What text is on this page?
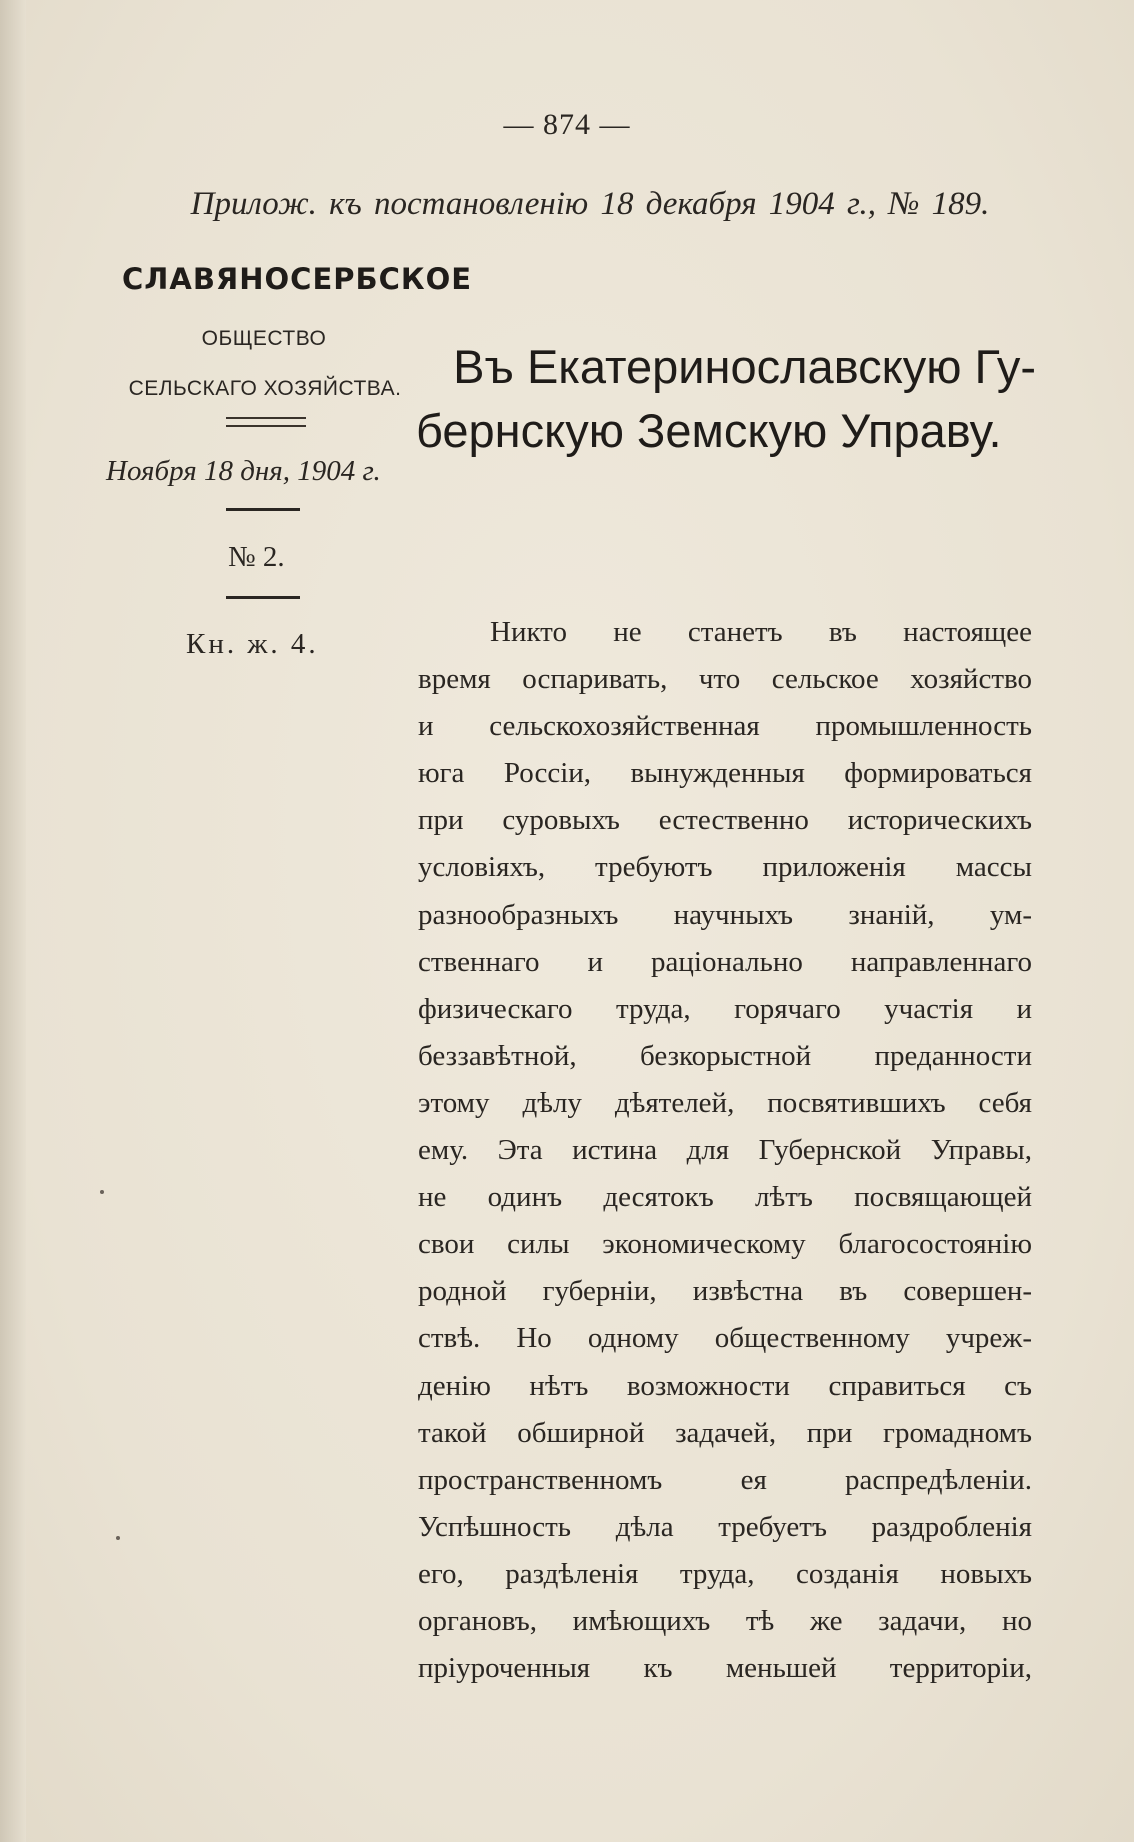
— 874 —
Прилож. къ постановленію 18 декабря 1904 г., № 189.
СЛАВЯНОСЕРБСКОЕ
ОБЩЕСТВО
СЕЛЬСКАГО ХОЗЯЙСТВА.
Ноября 18 дня, 1904 г.
№ 2.
Кн. ж. 4.
Въ Екатеринославскую Гу-
бернскую Земскую Управу.
Никто не станетъ въ настоящее
время оспаривать, что сельское хозяйство
и сельскохозяйственная промышленность
юга Россіи, вынужденныя формироваться
при суровыхъ естественно историческихъ
условіяхъ, требуютъ приложенія массы
разнообразныхъ научныхъ знаній, ум-
ственнаго и раціонально направленнаго
физическаго труда, горячаго участія и
беззавѣтной, безкорыстной преданности
этому дѣлу дѣятелей, посвятившихъ себя
ему. Эта истина для Губернской Управы,
не одинъ десятокъ лѣтъ посвящающей
свои силы экономическому благосостоянію
родной губерніи, извѣстна въ совершен-
ствѣ. Но одному общественному учреж-
денію нѣтъ возможности справиться съ
такой обширной задачей, при громадномъ
пространственномъ ея распредѣленіи.
Успѣшность дѣла требуетъ раздробленія
его, раздѣленія труда, созданія новыхъ
органовъ, имѣющихъ тѣ же задачи, но
пріуроченныя къ меньшей территоріи,
